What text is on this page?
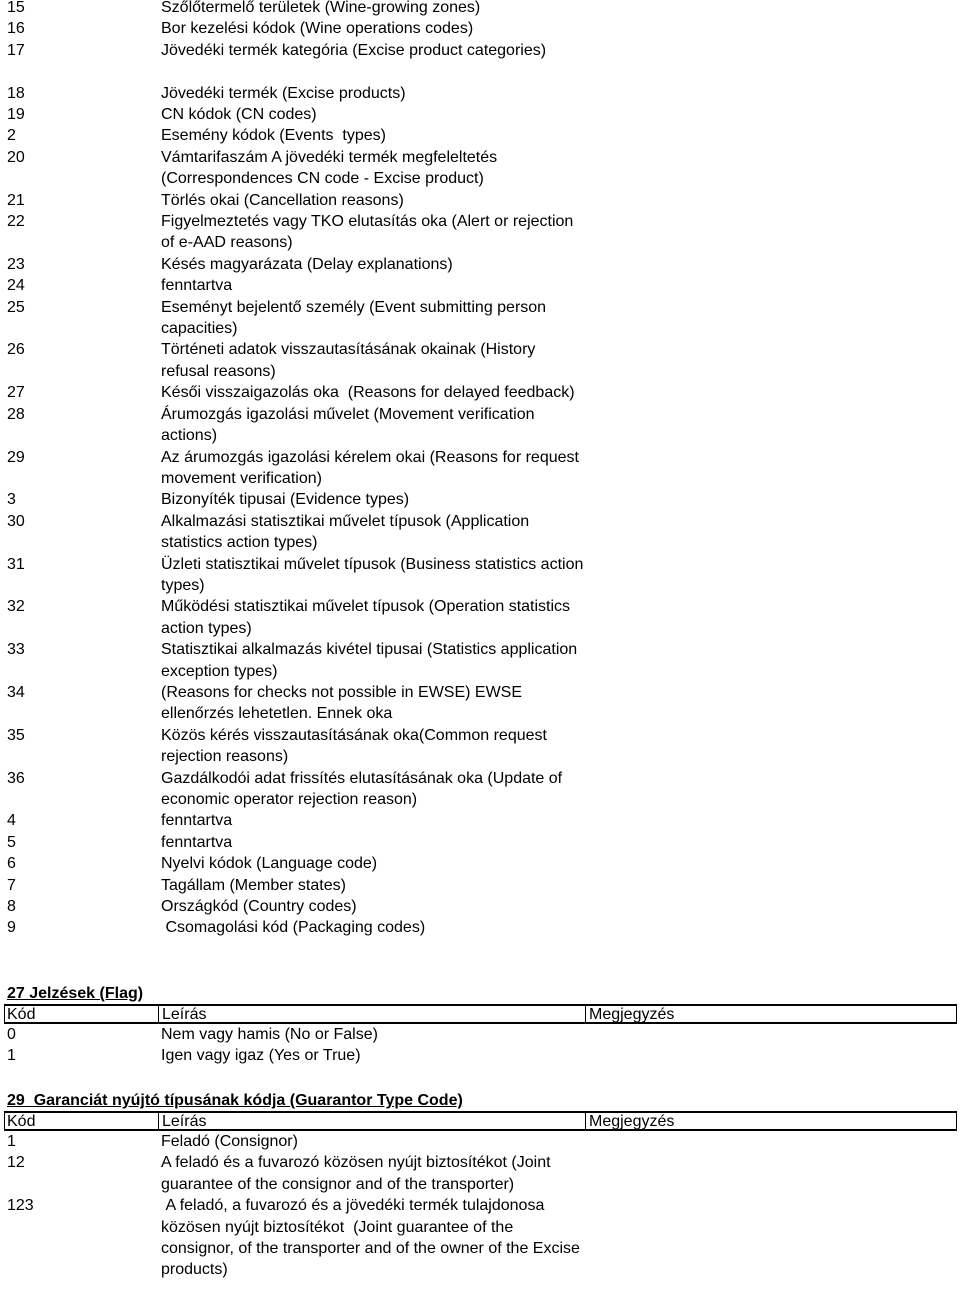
15	Szőlőtermelő területek (Wine-growing zones)
16	Bor kezelési kódok (Wine operations codes)
17	Jövedéki termék kategória (Excise product categories)
18	Jövedéki termék (Excise products)
19	CN kódok (CN codes)
2	Esemény kódok (Events  types)
20	Vámtarifaszám A jövedéki termék megfeleltetés (Correspondences CN code - Excise product)
21	Törlés okai (Cancellation reasons)
22	Figyelmeztetés vagy TKO elutasítás oka (Alert or rejection of e-AAD reasons)
23	Késés magyarázata (Delay explanations)
24	fenntartva
25	Eseményt bejelentő személy (Event submitting person capacities)
26	Történeti adatok visszautasításának okainak (History refusal reasons)
27	Késői visszaigazolás oka  (Reasons for delayed feedback)
28	Árumozgás igazolási művelet (Movement verification actions)
29	Az árumozgás igazolási kérelem okai (Reasons for request movement verification)
3	Bizonyíték tipusai (Evidence types)
30	Alkalmazási statisztikai művelet típusok (Application statistics action types)
31	Üzleti statisztikai művelet típusok (Business statistics action types)
32	Működési statisztikai művelet típusok (Operation statistics action types)
33	Statisztikai alkalmazás kivétel tipusai (Statistics application exception types)
34	(Reasons for checks not possible in EWSE) EWSE ellenőrzés lehetetlen. Ennek oka
35	Közös kérés visszautasításának oka(Common request rejection reasons)
36	Gazdálkodói adat frissítés elutasításának oka (Update of economic operator rejection reason)
4	fenntartva
5	fenntartva
6	Nyelvi kódok (Language code)
7	Tagállam (Member states)
8	Országkód (Country codes)
9	Csomagolási kód (Packaging codes)
27 Jelzések (Flag)
Kód	Leírás	Megjegyzés
0	Nem vagy hamis (No or False)
1	Igen vagy igaz (Yes or True)
29  Garanciát nyújtó típusának kódja (Guarantor Type Code)
Kód	Leírás	Megjegyzés
1	Feladó (Consignor)
12	A feladó és a fuvarozó közösen nyújt biztosítékot (Joint guarantee of the consignor and of the transporter)
123	A feladó, a fuvarozó és a jövedéki termék tulajdonosa közösen nyújt biztosítékot  (Joint guarantee of the consignor, of the transporter and of the owner of the Excise products)
